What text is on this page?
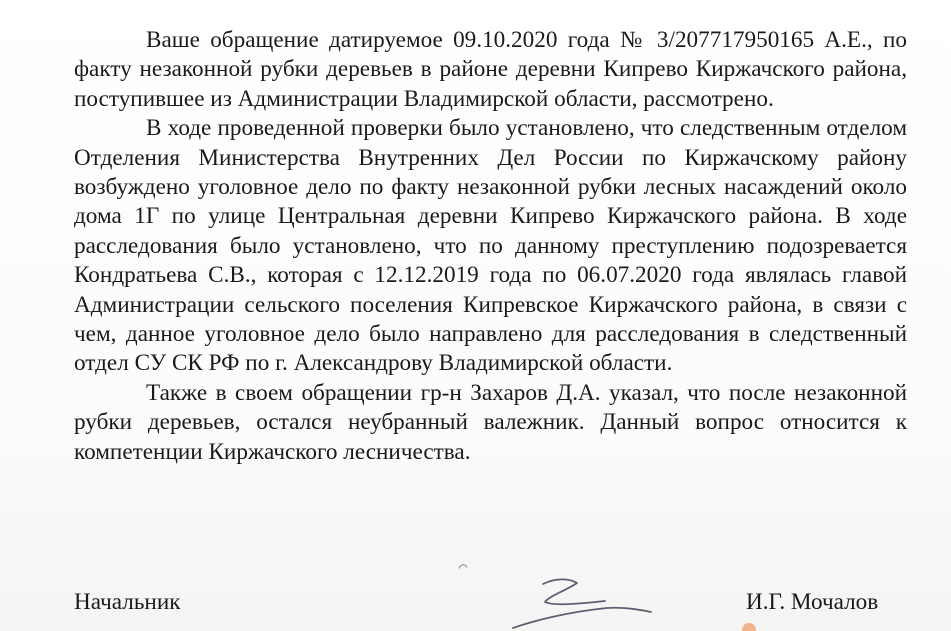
Ваше обращение датируемое 09.10.2020 года № 3/207717950165 А.Е., по факту незаконной рубки деревьев в районе деревни Кипрево Киржачского района, поступившее из Администрации Владимирской области, рассмотрено.

В ходе проведенной проверки было установлено, что следственным отделом Отделения Министерства Внутренних Дел России по Киржачскому району возбуждено уголовное дело по факту незаконной рубки лесных насаждений около дома 1Г по улице Центральная деревни Кипрево Киржачского района. В ходе расследования было установлено, что по данному преступлению подозревается Кондратьева С.В., которая с 12.12.2019 года по 06.07.2020 года являлась главой Администрации сельского поселения Кипревское Киржачского района, в связи с чем, данное уголовное дело было направлено для расследования в следственный отдел СУ СК РФ по г. Александрову Владимирской области.

Также в своем обращении гр-н Захаров Д.А. указал, что после незаконной рубки деревьев, остался неубранный валежник. Данный вопрос относится к компетенции Киржачского лесничества.

Начальник	И.Г. Мочалов
